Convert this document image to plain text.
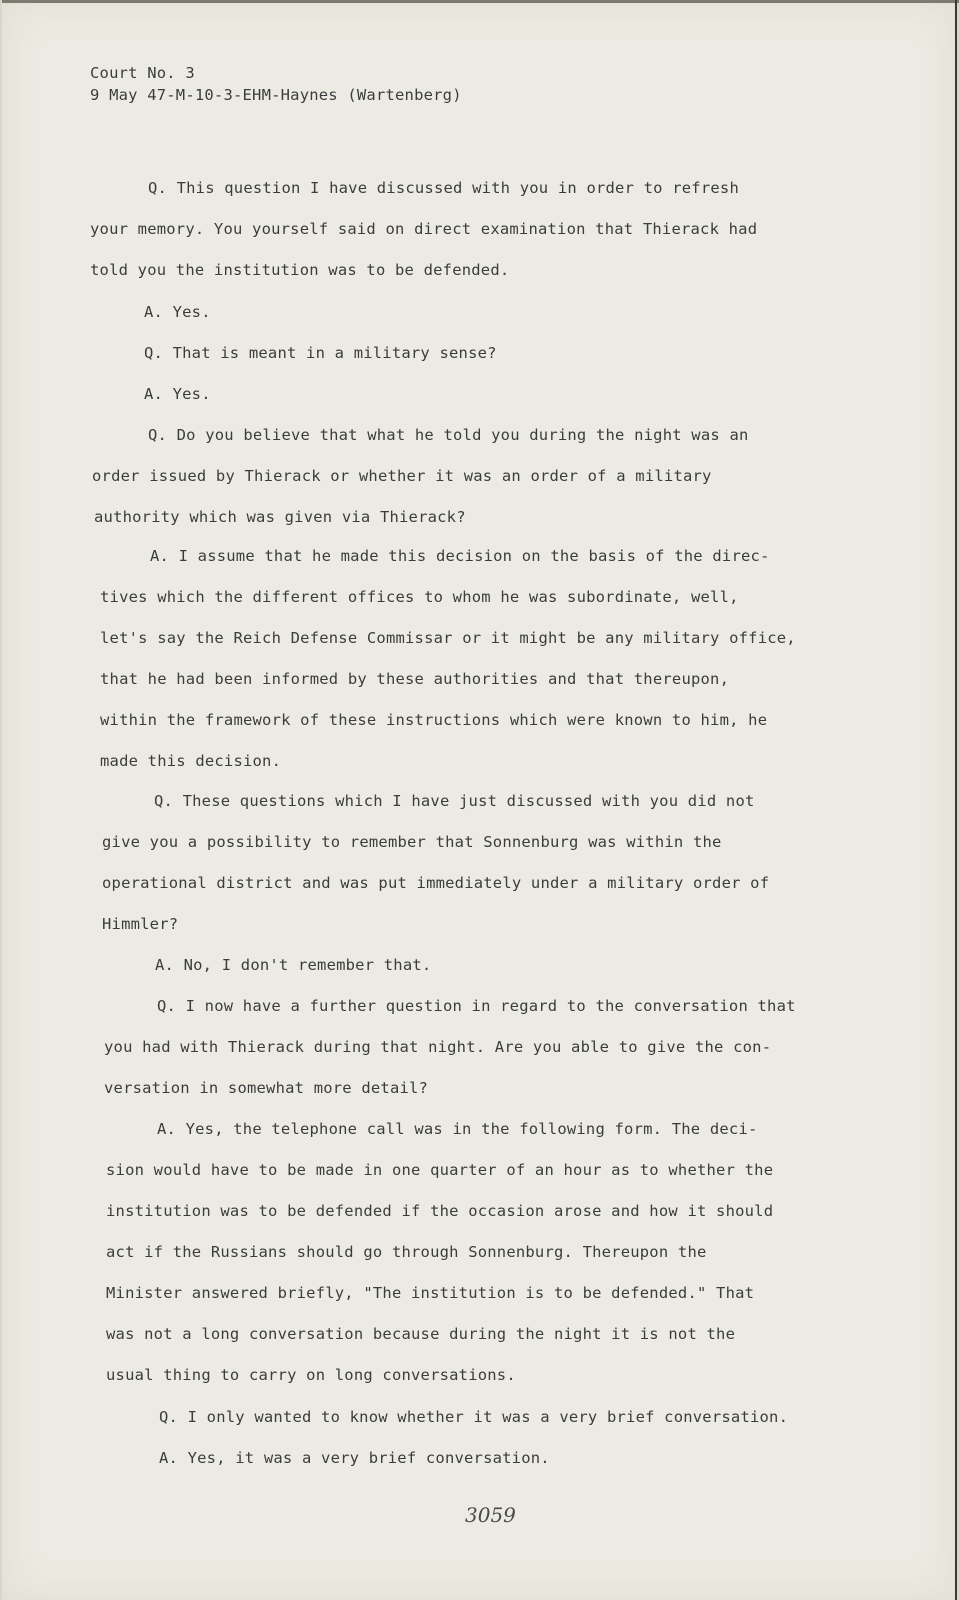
Court No. 3
9 May 47-M-10-3-EHM-Haynes (Wartenberg)
Q. This question I have discussed with you in order to refresh
your memory. You yourself said on direct examination that Thierack had
told you the institution was to be defended.
A. Yes.
Q. That is meant in a military sense?
A. Yes.
Q. Do you believe that what he told you during the night was an
order issued by Thierack or whether it was an order of a military
authority which was given via Thierack?
A. I assume that he made this decision on the basis of the direc-
tives which the different offices to whom he was subordinate, well,
let's say the Reich Defense Commissar or it might be any military office,
that he had been informed by these authorities and that thereupon,
within the framework of these instructions which were known to him, he
made this decision.
Q. These questions which I have just discussed with you did not
give you a possibility to remember that Sonnenburg was within the
operational district and was put immediately under a military order of
Himmler?
A. No, I don't remember that.
Q. I now have a further question in regard to the conversation that
you had with Thierack during that night. Are you able to give the con-
versation in somewhat more detail?
A. Yes, the telephone call was in the following form. The deci-
sion would have to be made in one quarter of an hour as to whether the
institution was to be defended if the occasion arose and how it should
act if the Russians should go through Sonnenburg. Thereupon the
Minister answered briefly, "The institution is to be defended." That
was not a long conversation because during the night it is not the
usual thing to carry on long conversations.
Q. I only wanted to know whether it was a very brief conversation.
A. Yes, it was a very brief conversation.
3059
